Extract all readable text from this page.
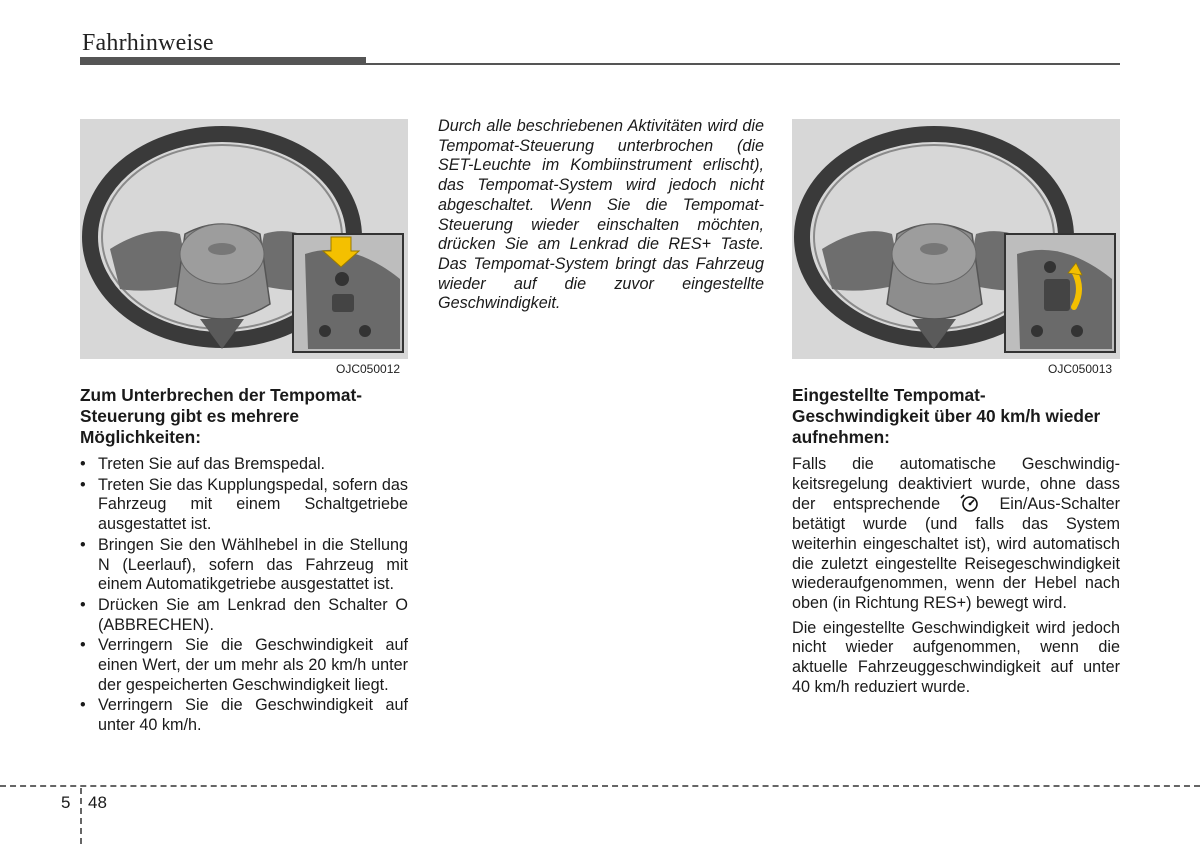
Fahrhinweise
OJC050012	OJC050013
Zum Unterbrechen der Tempomat-Steuerung gibt es mehrere Möglichkeiten:
• Treten Sie auf das Bremspedal.
• Treten Sie das Kupplungspedal, sofern das Fahrzeug mit einem Schaltgetriebe ausgestattet ist.
• Bringen Sie den Wählhebel in die Stellung N (Leerlauf), sofern das Fahrzeug mit einem Automatikgetriebe ausgestattet ist.
• Drücken Sie am Lenkrad den Schalter O (ABBRECHEN).
• Verringern Sie die Geschwindigkeit auf einen Wert, der um mehr als 20 km/h unter der gespeicherten Geschwindigkeit liegt.
• Verringern Sie die Geschwindigkeit auf unter 40 km/h.
Durch alle beschriebenen Aktivitäten wird die Tempomat-Steuerung unterbrochen (die SET-Leuchte im Kombiinstrument erlischt), das Tempomat-System wird jedoch nicht abgeschaltet. Wenn Sie die Tempomat-Steuerung wieder einschalten möchten, drücken Sie am Lenkrad die RES+ Taste. Das Tempomat-System bringt das Fahrzeug wieder auf die zuvor eingestellte Geschwindigkeit.
Eingestellte Tempomat-Geschwindigkeit über 40 km/h wieder aufnehmen:

Falls die automatische Geschwindigkeitsregelung deaktiviert wurde, ohne dass der entsprechende	Ein/Aus-Schalter betätigt wurde (und falls das System weiterhin eingeschaltet ist), wird automatisch die zuletzt eingestellte Reisegeschwindigkeit wiederaufgenommen, wenn der Hebel nach oben (in Richtung RES+) bewegt wird.

Die eingestellte Geschwindigkeit wird jedoch nicht wieder aufgenommen, wenn die aktuelle Fahrzeuggeschwindigkeit auf unter 40 km/h reduziert wurde.

5 48
